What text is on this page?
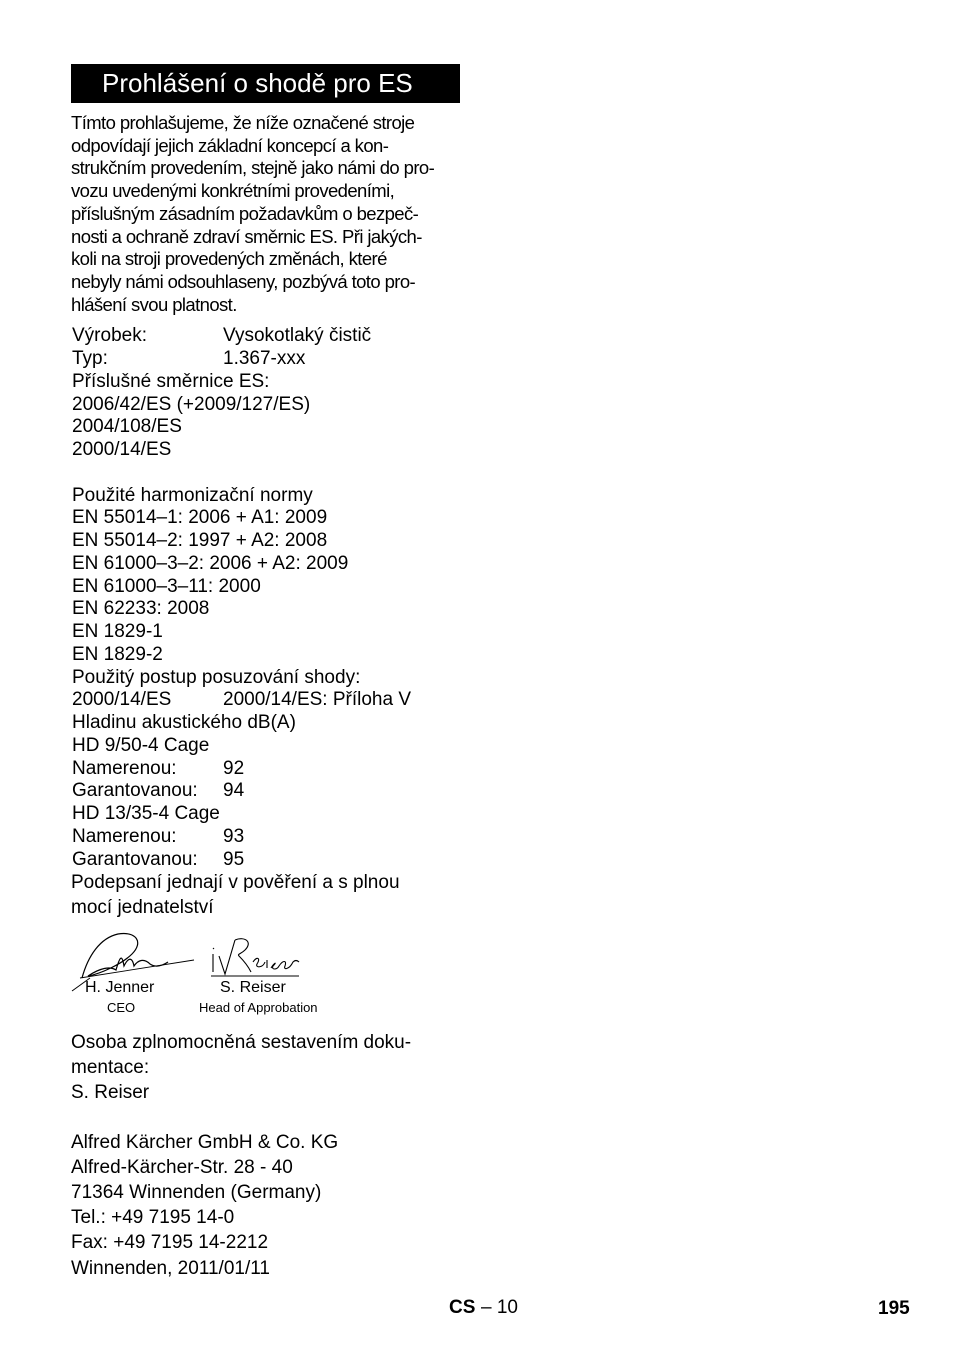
Prohlášení o shodě pro ES
Tímto prohlašujeme, že níže označené stroje
odpovídají jejich základní koncepcí a kon-
strukčním provedením, stejně jako námi do pro-
vozu uvedenými konkrétními provedeními,
příslušným zásadním požadavkům o bezpeč-
nosti a ochraně zdraví směrnic ES. Při jakých-
koli na stroji provedených změnách, které
nebyly námi odsouhlaseny, pozbývá toto pro-
hlášení svou platnost.
Výrobek:	Vysokotlaký čistič
Typ:	1.367-xxx
Příslušné směrnice ES:
2006/42/ES (+2009/127/ES)
2004/108/ES
2000/14/ES
Použité harmonizační normy
EN 55014–1: 2006 + A1: 2009
EN 55014–2: 1997 + A2: 2008
EN 61000–3–2: 2006 + A2: 2009
EN 61000–3–11: 2000
EN 62233: 2008
EN 1829-1
EN 1829-2
Použitý postup posuzování shody:
2000/14/ES	2000/14/ES: Příloha V
Hladinu akustického dB(A)
HD 9/50-4 Cage
Namerenou: 92
Garantovanou: 94
HD 13/35-4 Cage
Namerenou: 93
Garantovanou: 95
Podepsaní jednají v pověření a s plnou
mocí jednatelství
H. Jenner
CEO
S. Reiser
Head of Approbation
Osoba zplnomocněná sestavením doku-
mentace:
S. Reiser
Alfred Kärcher GmbH & Co. KG
Alfred-Kärcher-Str. 28 - 40
71364 Winnenden (Germany)
Tel.: +49 7195 14-0
Fax: +49 7195 14-2212
Winnenden, 2011/01/11
CS – 10	195
